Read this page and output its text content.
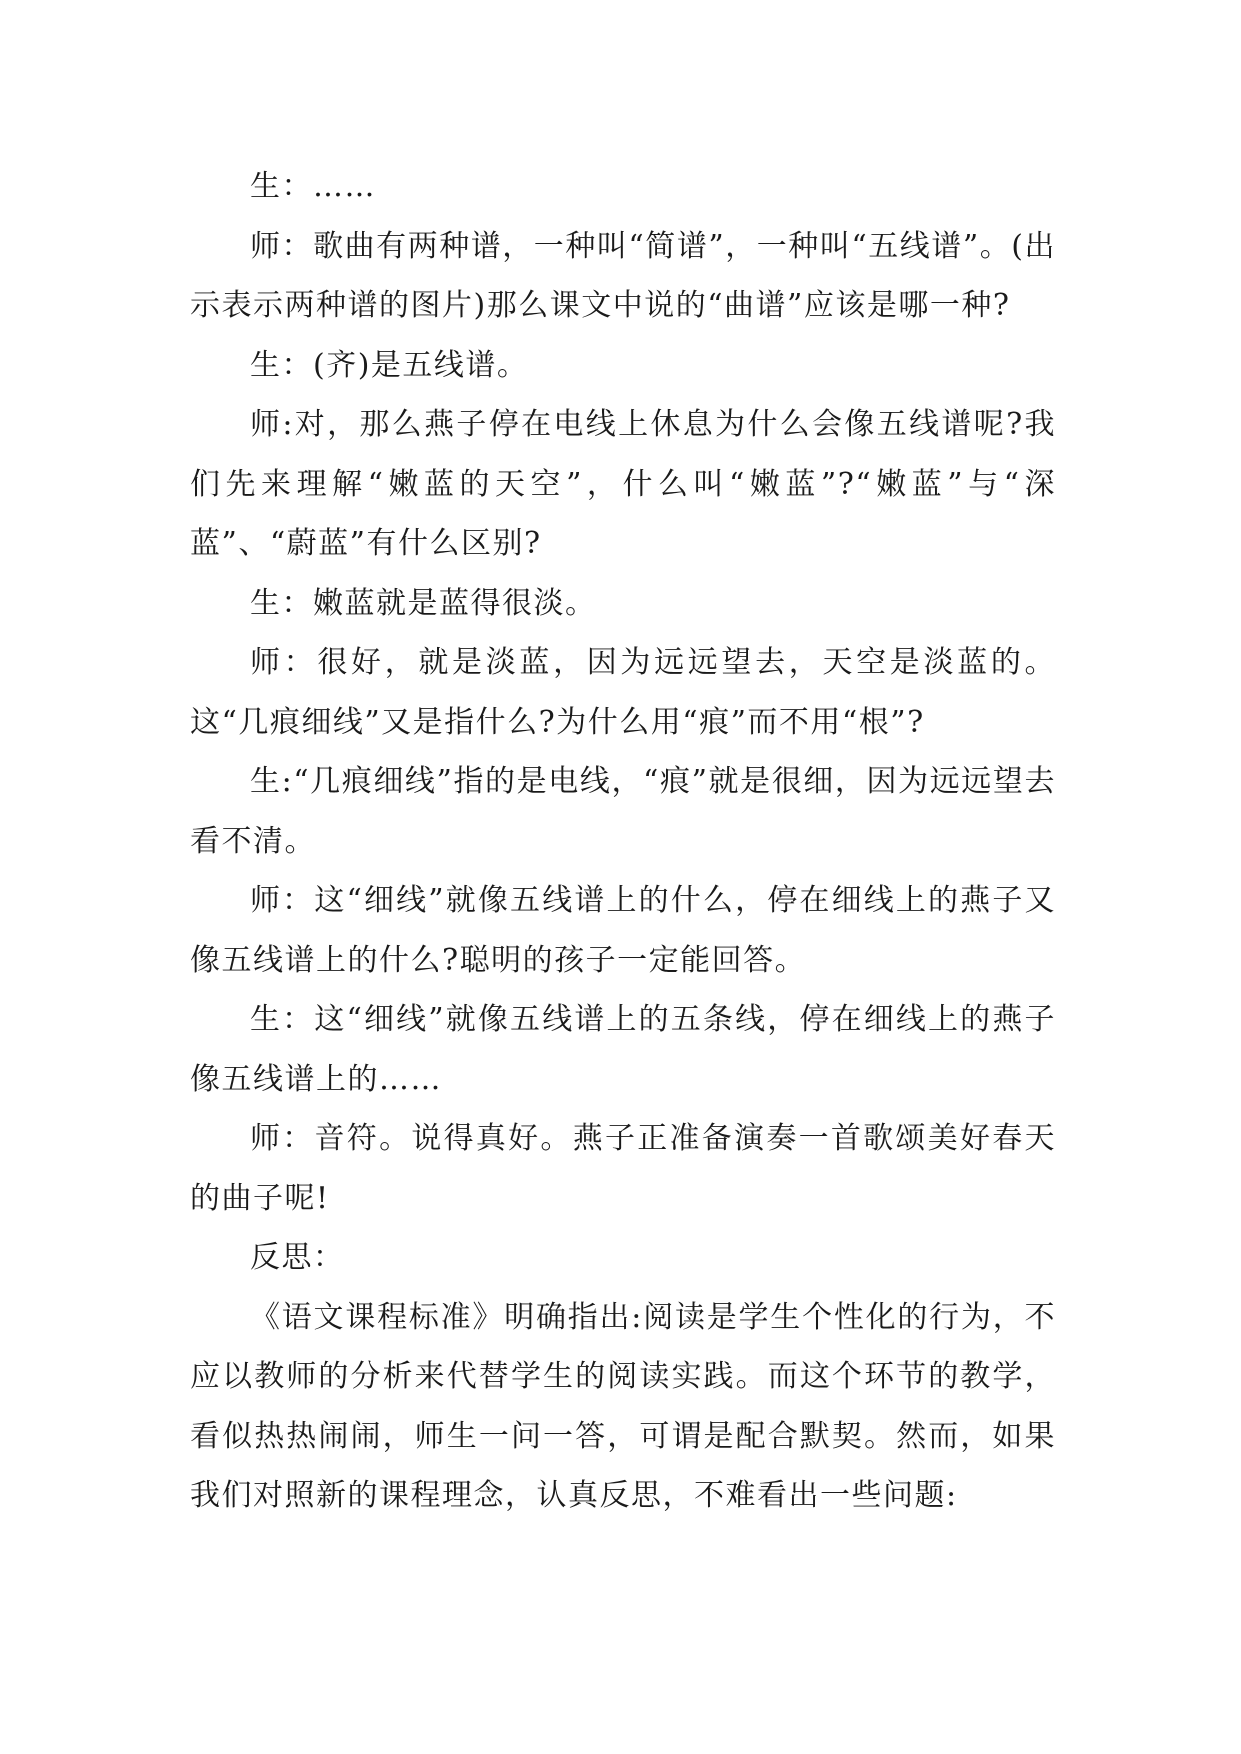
生：……

师：歌曲有两种谱，一种叫“简谱”，一种叫“五线谱”。(出示表示两种谱的图片)那么课文中说的“曲谱”应该是哪一种?

生：(齐)是五线谱。

师:对，那么燕子停在电线上休息为什么会像五线谱呢?我们先来理解“嫩蓝的天空”，什么叫“嫩蓝”?“嫩蓝”与“深蓝”、“蔚蓝”有什么区别?

生：嫩蓝就是蓝得很淡。

师：很好，就是淡蓝，因为远远望去，天空是淡蓝的。这“几痕细线”又是指什么?为什么用“痕”而不用“根”?

生:“几痕细线”指的是电线，“痕”就是很细，因为远远望去看不清。

师：这“细线”就像五线谱上的什么，停在细线上的燕子又像五线谱上的什么?聪明的孩子一定能回答。

生：这“细线”就像五线谱上的五条线，停在细线上的燕子像五线谱上的……

师：音符。说得真好。燕子正准备演奏一首歌颂美好春天的曲子呢!

反思：

《语文课程标准》明确指出:阅读是学生个性化的行为，不应以教师的分析来代替学生的阅读实践。而这个环节的教学，看似热热闹闹，师生一问一答，可谓是配合默契。然而，如果我们对照新的课程理念，认真反思，不难看出一些问题:
